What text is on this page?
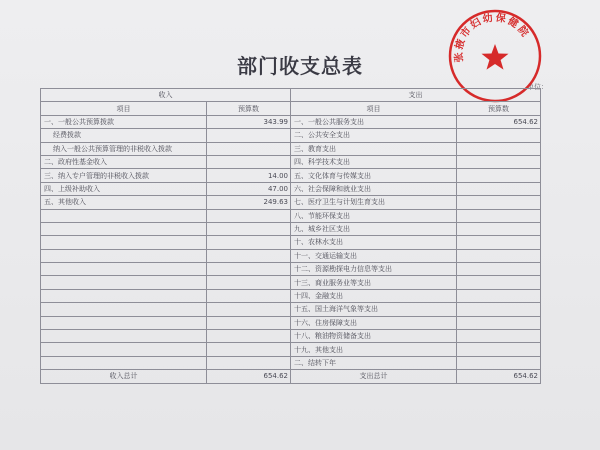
部门收支总表
单位：
张掖市妇幼保健院
收入		支出	
项目	预算数	项目	预算数
一、一般公共预算拨款	343.99	一、一般公共服务支出	654.62
经费拨款		二、公共安全支出	
纳入一般公共预算管理的非税收入拨款		三、教育支出	
二、政府性基金收入		四、科学技术支出	
三、纳入专户管理的非税收入拨款	14.00	五、文化体育与传媒支出	
四、上级补助收入	47.00	六、社会保障和就业支出	
五、其他收入	249.63	七、医疗卫生与计划生育支出	
		八、节能环保支出	
		九、城乡社区支出	
		十、农林水支出	
		十一、交通运输支出	
		十二、资源勘探电力信息等支出	
		十三、商业服务业等支出	
		十四、金融支出	
		十五、国土海洋气象等支出	
		十六、住房保障支出	
		十八、粮油物资储备支出	
		十九、其他支出	
		二、结转下年	
收入总计	654.62	支出总计	654.62
